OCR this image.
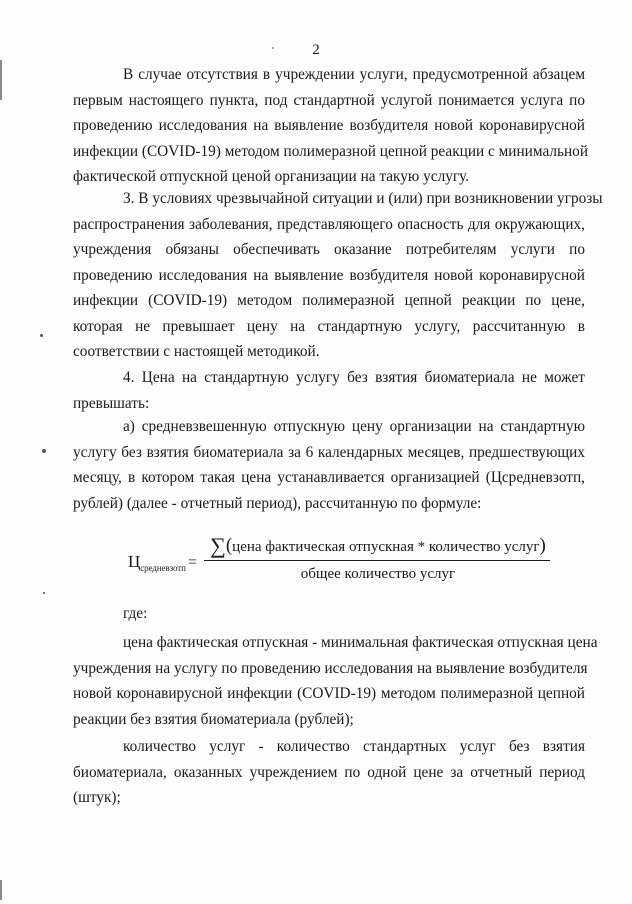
2
В случае отсутствия в учреждении услуги, предусмотренной абзацем
первым настоящего пункта, под стандартной услугой понимается услуга по
проведению исследования на выявление возбудителя новой коронавирусной
инфекции (COVID-19) методом полимеразной цепной реакции с минимальной
фактической отпускной ценой организации на такую услугу.
3. В условиях чрезвычайной ситуации и (или) при возникновении угрозы
распространения заболевания, представляющего опасность для окружающих,
учреждения обязаны обеспечивать оказание потребителям услуги по
проведению исследования на выявление возбудителя новой коронавирусной
инфекции (COVID-19) методом полимеразной цепной реакции по цене,
которая не превышает цену на стандартную услугу, рассчитанную в
соответствии с настоящей методикой.
4. Цена на стандартную услугу без взятия биоматериала не может
превышать:
а) средневзвешенную отпускную цену организации на стандартную
услугу без взятия биоматериала за 6 календарных месяцев, предшествующих
месяцу, в котором такая цена устанавливается организацией (Цсредневзотп,
рублей) (далее - отчетный период), рассчитанную по формуле:
$Ц_{средневзотп}$ =
∑(цена фактическая отпускная * количество услуг)
общее количество услуг
где:
цена фактическая отпускная - минимальная фактическая отпускная цена
учреждения на услугу по проведению исследования на выявление возбудителя
новой коронавирусной инфекции (COVID-19) методом полимеразной цепной
реакции без взятия биоматериала (рублей);
количество услуг - количество стандартных услуг без взятия
биоматериала, оказанных учреждением по одной цене за отчетный период
(штук);
